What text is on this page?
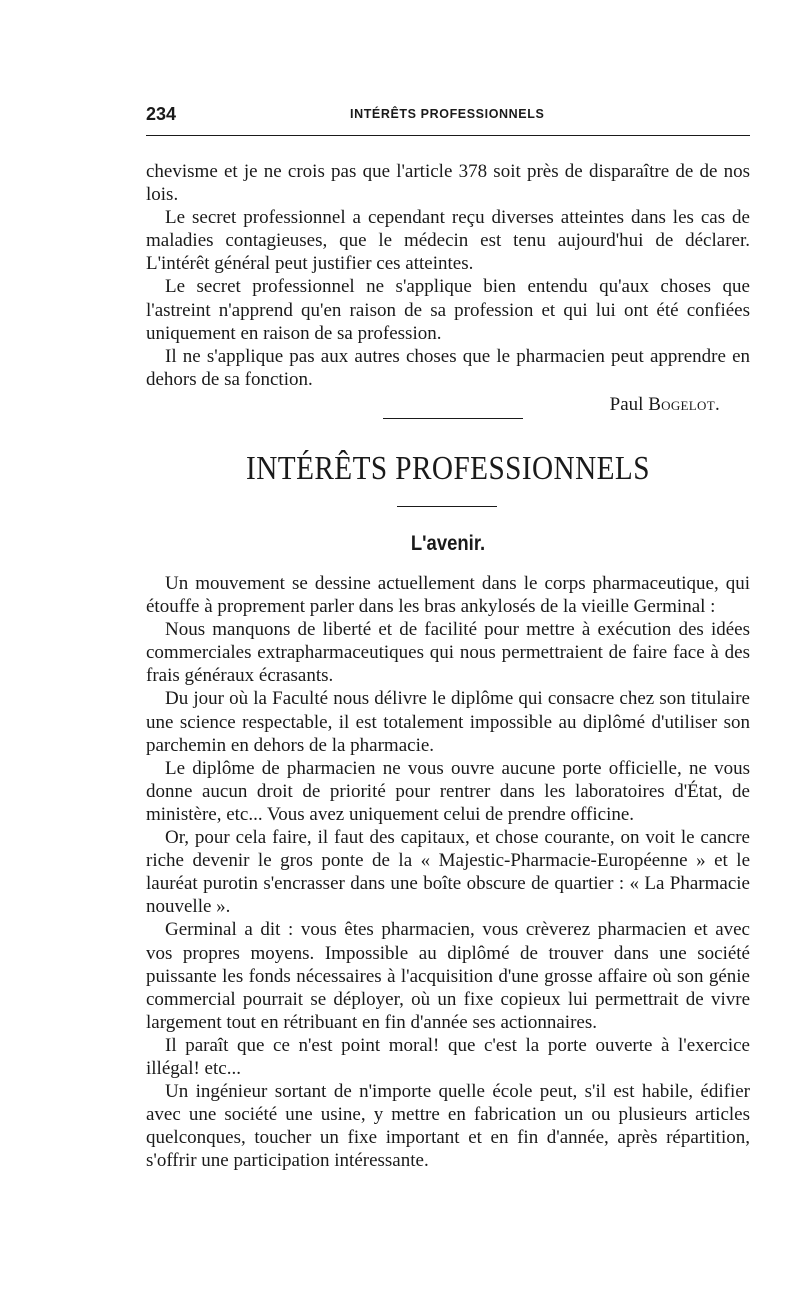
234	INTÉRÊTS PROFESSIONNELS

chevisme et je ne crois pas que l'article 378 soit près de disparaître de de nos lois.

Le secret professionnel a cependant reçu diverses atteintes dans les cas de maladies contagieuses, que le médecin est tenu aujourd'hui de déclarer. L'intérêt général peut justifier ces atteintes.

Le secret professionnel ne s'applique bien entendu qu'aux choses que l'astreint n'apprend qu'en raison de sa profession et qui lui ont été confiées uniquement en raison de sa profession.

Il ne s'applique pas aux autres choses que le pharmacien peut apprendre en dehors de sa fonction.

Paul Bogelot.
INTÉRÊTS PROFESSIONNELS
L'avenir.

Un mouvement se dessine actuellement dans le corps pharmaceutique, qui étouffe à proprement parler dans les bras ankylosés de la vieille Germinal :

Nous manquons de liberté et de facilité pour mettre à exécution des idées commerciales extrapharmaceutiques qui nous permettraient de faire face à des frais généraux écrasants.

Du jour où la Faculté nous délivre le diplôme qui consacre chez son titulaire une science respectable, il est totalement impossible au diplômé d'utiliser son parchemin en dehors de la pharmacie.

Le diplôme de pharmacien ne vous ouvre aucune porte officielle, ne vous donne aucun droit de priorité pour rentrer dans les laboratoires d'État, de ministère, etc... Vous avez uniquement celui de prendre officine.

Or, pour cela faire, il faut des capitaux, et chose courante, on voit le cancre riche devenir le gros ponte de la « Majestic-Pharmacie-Européenne » et le lauréat purotin s'encrasser dans une boîte obscure de quartier : « La Pharmacie nouvelle ».

Germinal a dit : vous êtes pharmacien, vous crèverez pharmacien et avec vos propres moyens. Impossible au diplômé de trouver dans une société puissante les fonds nécessaires à l'acquisition d'une grosse affaire où son génie commercial pourrait se déployer, où un fixe copieux lui permettrait de vivre largement tout en rétribuant en fin d'année ses actionnaires.

Il paraît que ce n'est point moral! que c'est la porte ouverte à l'exercice illégal! etc...

Un ingénieur sortant de n'importe quelle école peut, s'il est habile, édifier avec une société une usine, y mettre en fabrication un ou plusieurs articles quelconques, toucher un fixe important et en fin d'année, après répartition, s'offrir une participation intéressante.
